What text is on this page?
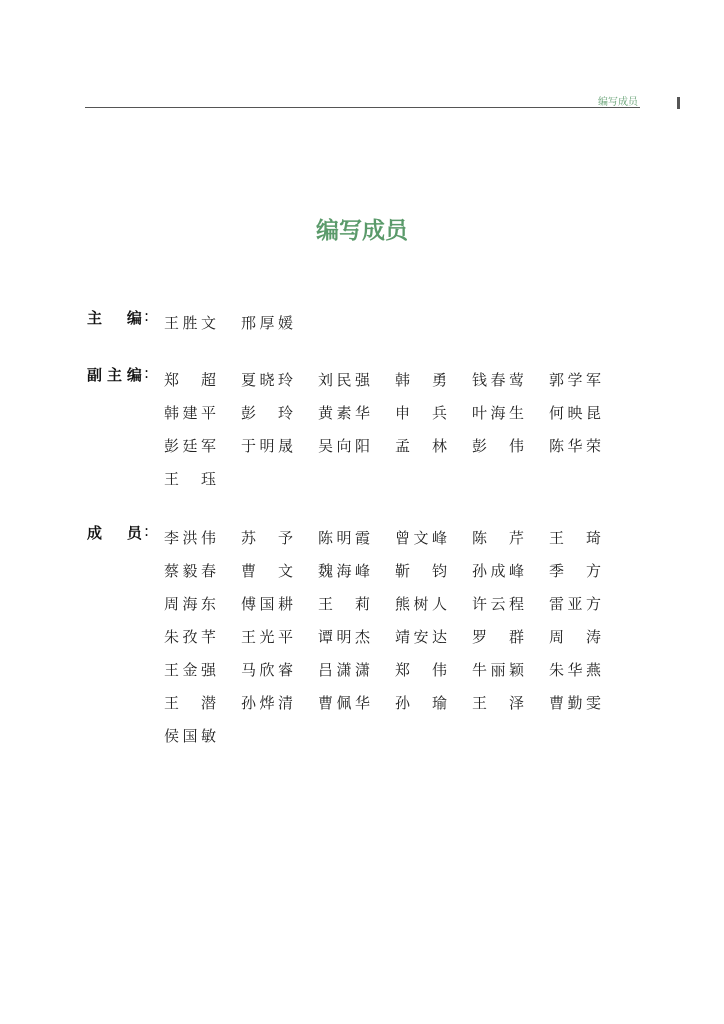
编写成员
编写成员
主 编 : 王 胜 文 邢 厚 媛
副 主 编 : 郑 超 夏 晓 玲 刘 民 强 韩 勇 钱 春 莺 郭 学 军
韩 建 平 彭 玲 黄 素 华 申 兵 叶 海 生 何 映 昆
彭 廷 军 于 明 晟 吴 向 阳 孟 林 彭 伟 陈 华 荣
王 珏
成 员 : 李 洪 伟 苏 予 陈 明 霞 曾 文 峰 陈 芹 王 琦
蔡 毅 春 曹 文 魏 海 峰 靳 钧 孙 成 峰 季 方
周 海 东 傅 国 耕 王 莉 熊 树 人 许 云 程 雷 亚 方
朱 孜 芊 王 光 平 谭 明 杰 靖 安 达 罗 群 周 涛
王 金 强 马 欣 睿 吕 潇 潇 郑 伟 牛 丽 颖 朱 华 燕
王 潜 孙 烨 清 曹 佩 华 孙 瑜 王 泽 曹 勤 雯
侯 国 敏
